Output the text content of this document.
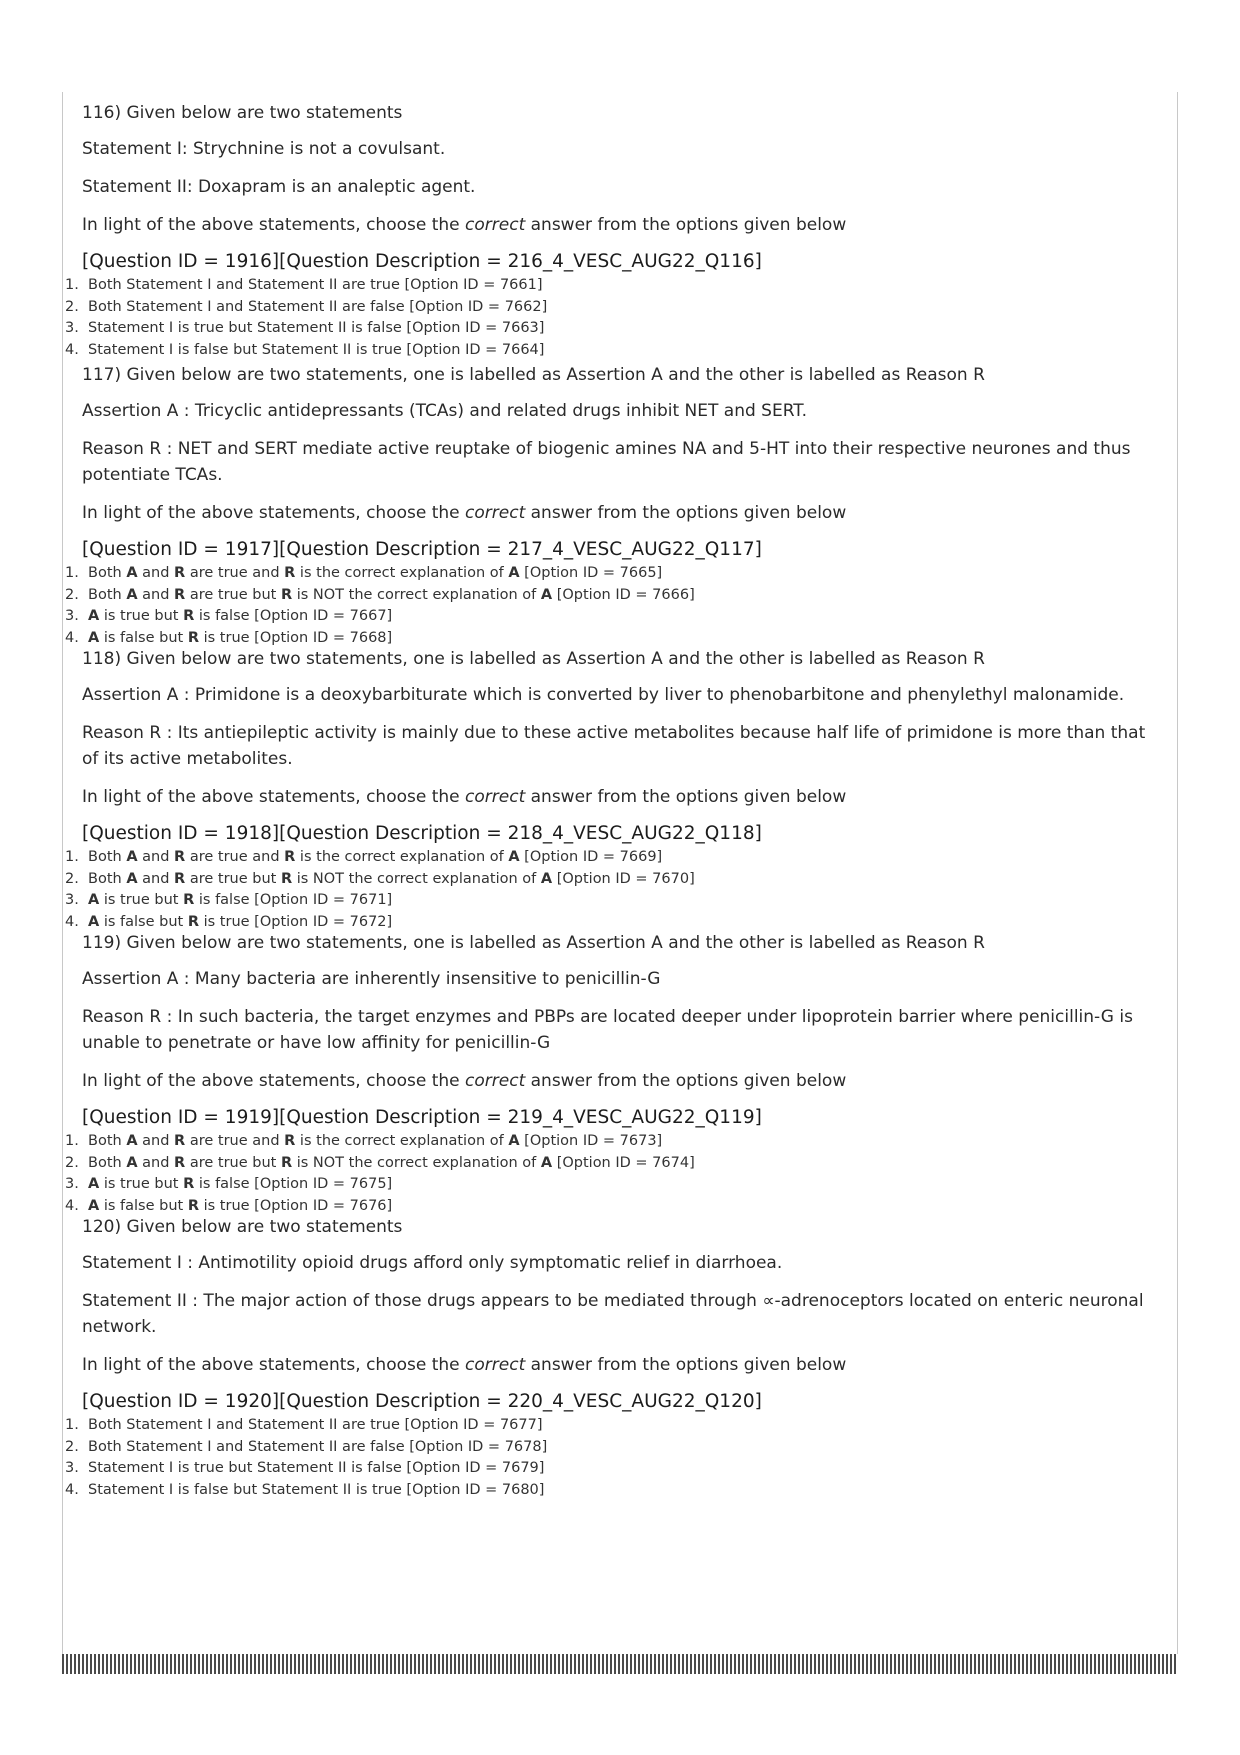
116) Given below are two statements

Statement I: Strychnine is not a covulsant.

Statement II: Doxapram is an analeptic agent.

In light of the above statements, choose the correct answer from the options given below

[Question ID = 1916][Question Description = 216_4_VESC_AUG22_Q116]

1. Both Statement I and Statement II are true [Option ID = 7661]
2. Both Statement I and Statement II are false [Option ID = 7662]
3. Statement I is true but Statement II is false [Option ID = 7663]
4. Statement I is false but Statement II is true [Option ID = 7664]

117) Given below are two statements, one is labelled as Assertion A and the other is labelled as Reason R

Assertion A : Tricyclic antidepressants (TCAs) and related drugs inhibit NET and SERT.

Reason R : NET and SERT mediate active reuptake of biogenic amines NA and 5-HT into their respective neurones and thus potentiate TCAs.

In light of the above statements, choose the correct answer from the options given below

[Question ID = 1917][Question Description = 217_4_VESC_AUG22_Q117]

1. Both A and R are true and R is the correct explanation of A [Option ID = 7665]
2. Both A and R are true but R is NOT the correct explanation of A [Option ID = 7666]
3. A is true but R is false [Option ID = 7667]
4. A is false but R is true [Option ID = 7668]

118) Given below are two statements, one is labelled as Assertion A and the other is labelled as Reason R

Assertion A : Primidone is a deoxybarbiturate which is converted by liver to phenobarbitone and phenylethyl malonamide.

Reason R : Its antiepileptic activity is mainly due to these active metabolites because half life of primidone is more than that of its active metabolites.

In light of the above statements, choose the correct answer from the options given below

[Question ID = 1918][Question Description = 218_4_VESC_AUG22_Q118]

1. Both A and R are true and R is the correct explanation of A [Option ID = 7669]
2. Both A and R are true but R is NOT the correct explanation of A [Option ID = 7670]
3. A is true but R is false [Option ID = 7671]
4. A is false but R is true [Option ID = 7672]

119) Given below are two statements, one is labelled as Assertion A and the other is labelled as Reason R

Assertion A : Many bacteria are inherently insensitive to penicillin-G

Reason R : In such bacteria, the target enzymes and PBPs are located deeper under lipoprotein barrier where penicillin-G is unable to penetrate or have low affinity for penicillin-G

In light of the above statements, choose the correct answer from the options given below

[Question ID = 1919][Question Description = 219_4_VESC_AUG22_Q119]

1. Both A and R are true and R is the correct explanation of A [Option ID = 7673]
2. Both A and R are true but R is NOT the correct explanation of A [Option ID = 7674]
3. A is true but R is false [Option ID = 7675]
4. A is false but R is true [Option ID = 7676]

120) Given below are two statements

Statement I : Antimotility opioid drugs afford only symptomatic relief in diarrhoea.

Statement II : The major action of those drugs appears to be mediated through ∝-adrenoceptors located on enteric neuronal network.

In light of the above statements, choose the correct answer from the options given below

[Question ID = 1920][Question Description = 220_4_VESC_AUG22_Q120]

1. Both Statement I and Statement II are true [Option ID = 7677]
2. Both Statement I and Statement II are false [Option ID = 7678]
3. Statement I is true but Statement II is false [Option ID = 7679]
4. Statement I is false but Statement II is true [Option ID = 7680]
